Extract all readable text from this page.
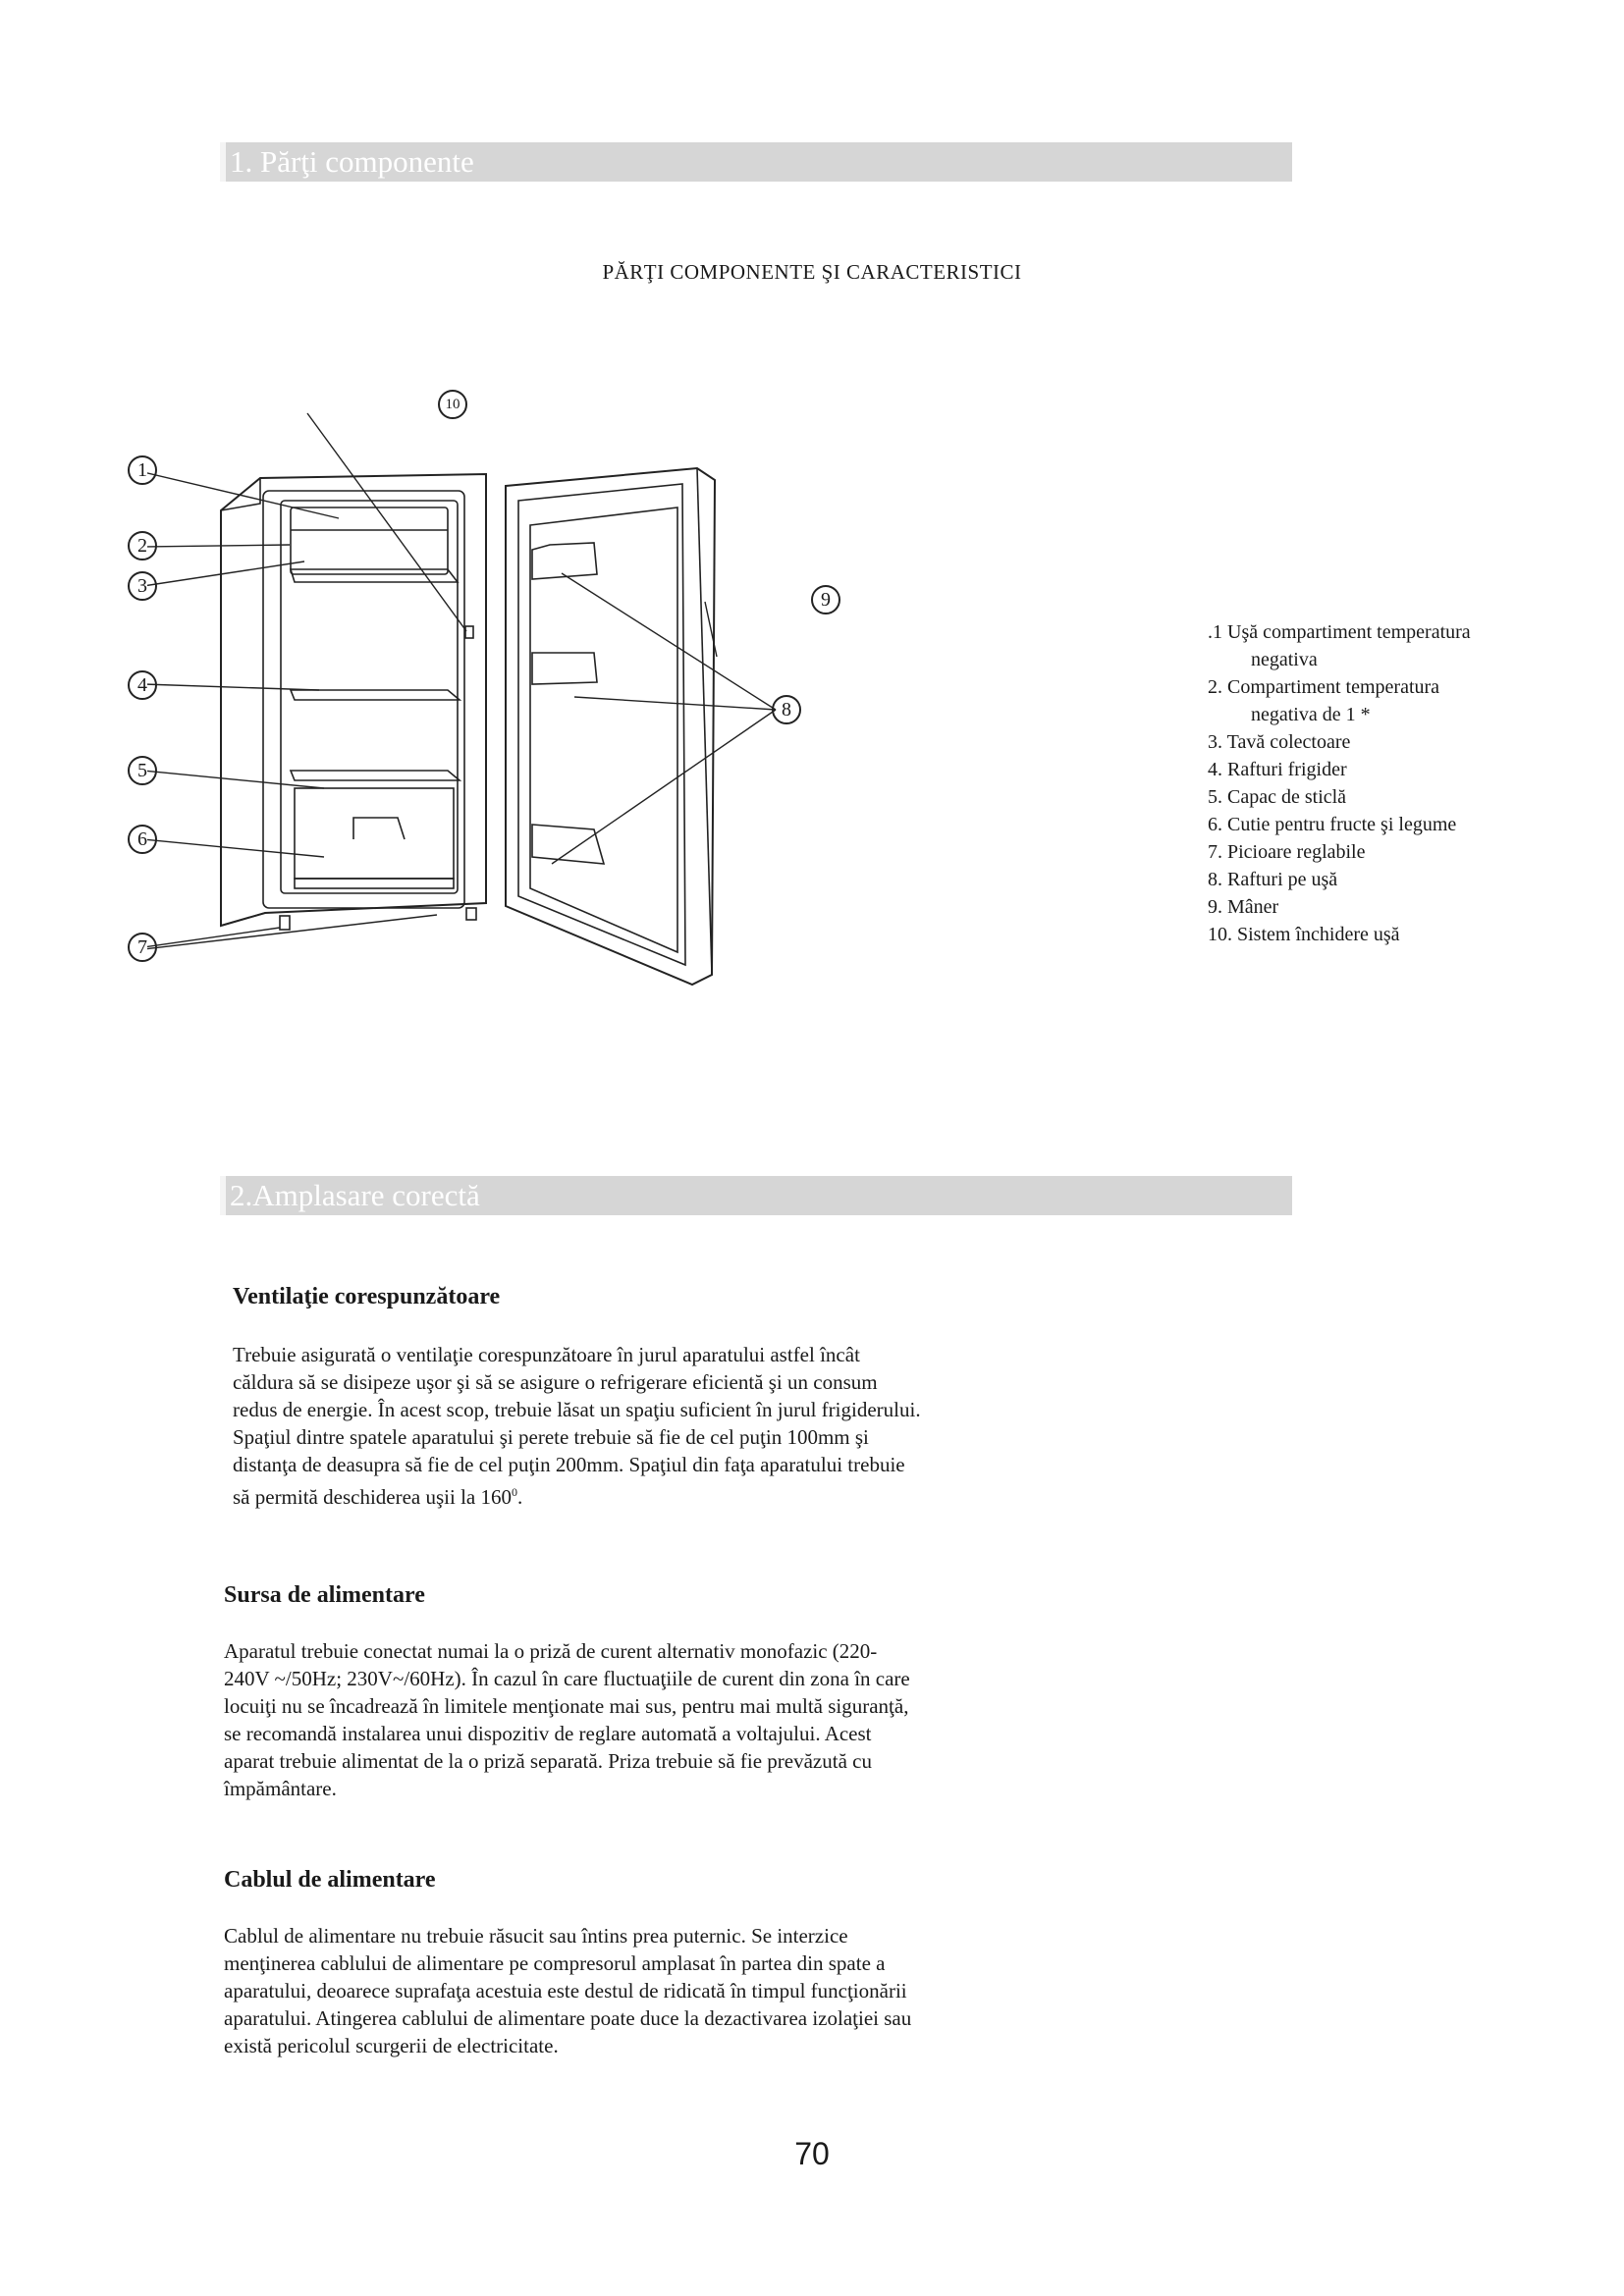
1. Părţi componente
PĂRŢI COMPONENTE ŞI CARACTERISTICI
1
2
3
4
5
6
7
8
9
10
.1 Uşă compartiment temperatura
negativa
2. Compartiment temperatura
negativa de 1 *
3. Tavă colectoare
4. Rafturi frigider
5. Capac de sticlă
6. Cutie pentru fructe şi legume
7. Picioare reglabile
8. Rafturi pe uşă
9. Mâner
10. Sistem închidere uşă
2.Amplasare corectă
Ventilaţie corespunzătoare
Trebuie asigurată o ventilaţie corespunzătoare în jurul aparatului astfel încât
căldura să se disipeze uşor şi să se asigure o refrigerare eficientă şi un consum
redus de energie. În acest scop, trebuie lăsat un spaţiu suficient în jurul frigiderului.
Spaţiul dintre spatele aparatului şi perete trebuie să fie de cel puţin 100mm şi
distanţa de deasupra să fie de cel puţin 200mm. Spaţiul din faţa aparatului trebuie
să permită deschiderea uşii la $160^0$.
Sursa de alimentare
Aparatul trebuie conectat numai la o priză de curent alternativ monofazic (220-
240V ~/50Hz; 230V~/60Hz). În cazul în care fluctuaţiile de curent din zona în care
locuiţi nu se încadrează în limitele menţionate mai sus, pentru mai multă siguranţă,
se recomandă instalarea unui dispozitiv de reglare automată a voltajului. Acest
aparat trebuie alimentat de la o priză separată. Priza trebuie să fie prevăzută cu
împământare.
Cablul de alimentare
Cablul de alimentare nu trebuie răsucit sau întins prea puternic. Se interzice
menţinerea cablului de alimentare pe compresorul amplasat în partea din spate a
aparatului, deoarece suprafaţa acestuia este destul de ridicată în timpul funcţionării
aparatului. Atingerea cablului de alimentare poate duce la dezactivarea izolaţiei sau
există pericolul scurgerii de electricitate.
70
